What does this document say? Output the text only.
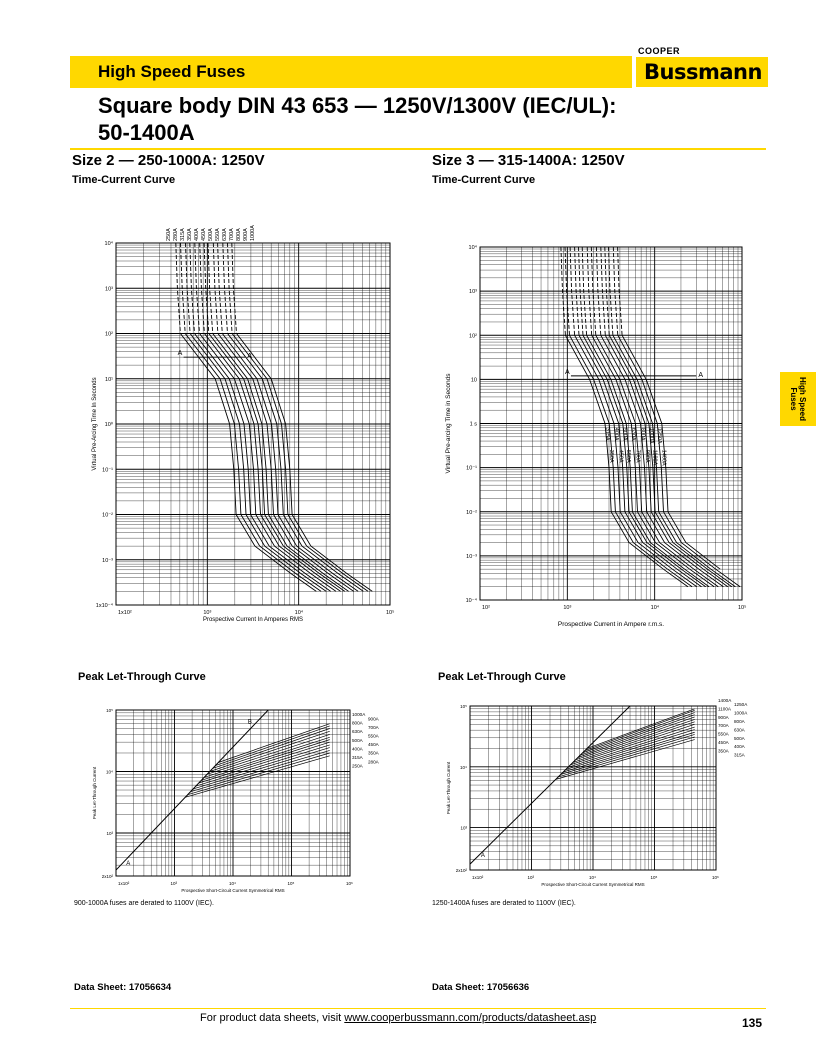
High Speed Fuses
COOPER
Bussmann
Square body DIN 43 653 — 1250V/1300V (IEC/UL):
50-1400A
Size 2 — 250-1000A: 1250V
Time-Current Curve
Size 3 — 315-1400A: 1250V
Time-Current Curve
High Speed
Fuses
1x10²	10³	10⁴	10⁵
10⁴
10³
10²
10¹
10⁰
10⁻¹
10⁻²
10⁻³
1x10⁻⁴
Prospective Current In Amperes RMS
Virtual Pre-Arcing Time In Seconds
A	A
250A 280A 315A 350A 400A 450A 500A 550A 630A 700A 800A 900A 1000A
10²	10³	10⁴	10⁵
10⁴
10³
10²
10
1 s
10⁻¹
10⁻²
10⁻³
10⁻⁴
Prospective Current in Ampere r.m.s.
Virtual Pre-arcing Time in Seconds
A	A
315A
350A
400A
450A
500A
550A
630A
700A
800A
900A
1000A
1100A
1250A
1400A
Peak Let-Through Curve	Peak Let-Through Curve
1x10²	10³	10⁴	10⁵	10⁶
10⁵
10⁴
10³
2x10²
Prospective Short-Circuit Current Symmetrical RMS
Peak Let-Through Current
A
B
1000A
900A
800A
700A
630A
550A
500A
450A
400A
350A
315A
280A
250A
1x10²	10³	10⁴	10⁵	10⁶
10⁵
10⁴
10³
2x10²
Prospective Short-Circuit Current Symmetrical RMS
Peak Let-Through Current
A
1400A
1250A
1100A
1000A
900A
800A
700A
630A
550A
500A
450A
400A
350A
315A
900-1000A fuses are derated to 1100V (IEC).	1250-1400A fuses are derated to 1100V (IEC).
Data Sheet: 17056634	Data Sheet: 17056636
For product data sheets, visit www.cooperbussmann.com/products/datasheet.asp	135
